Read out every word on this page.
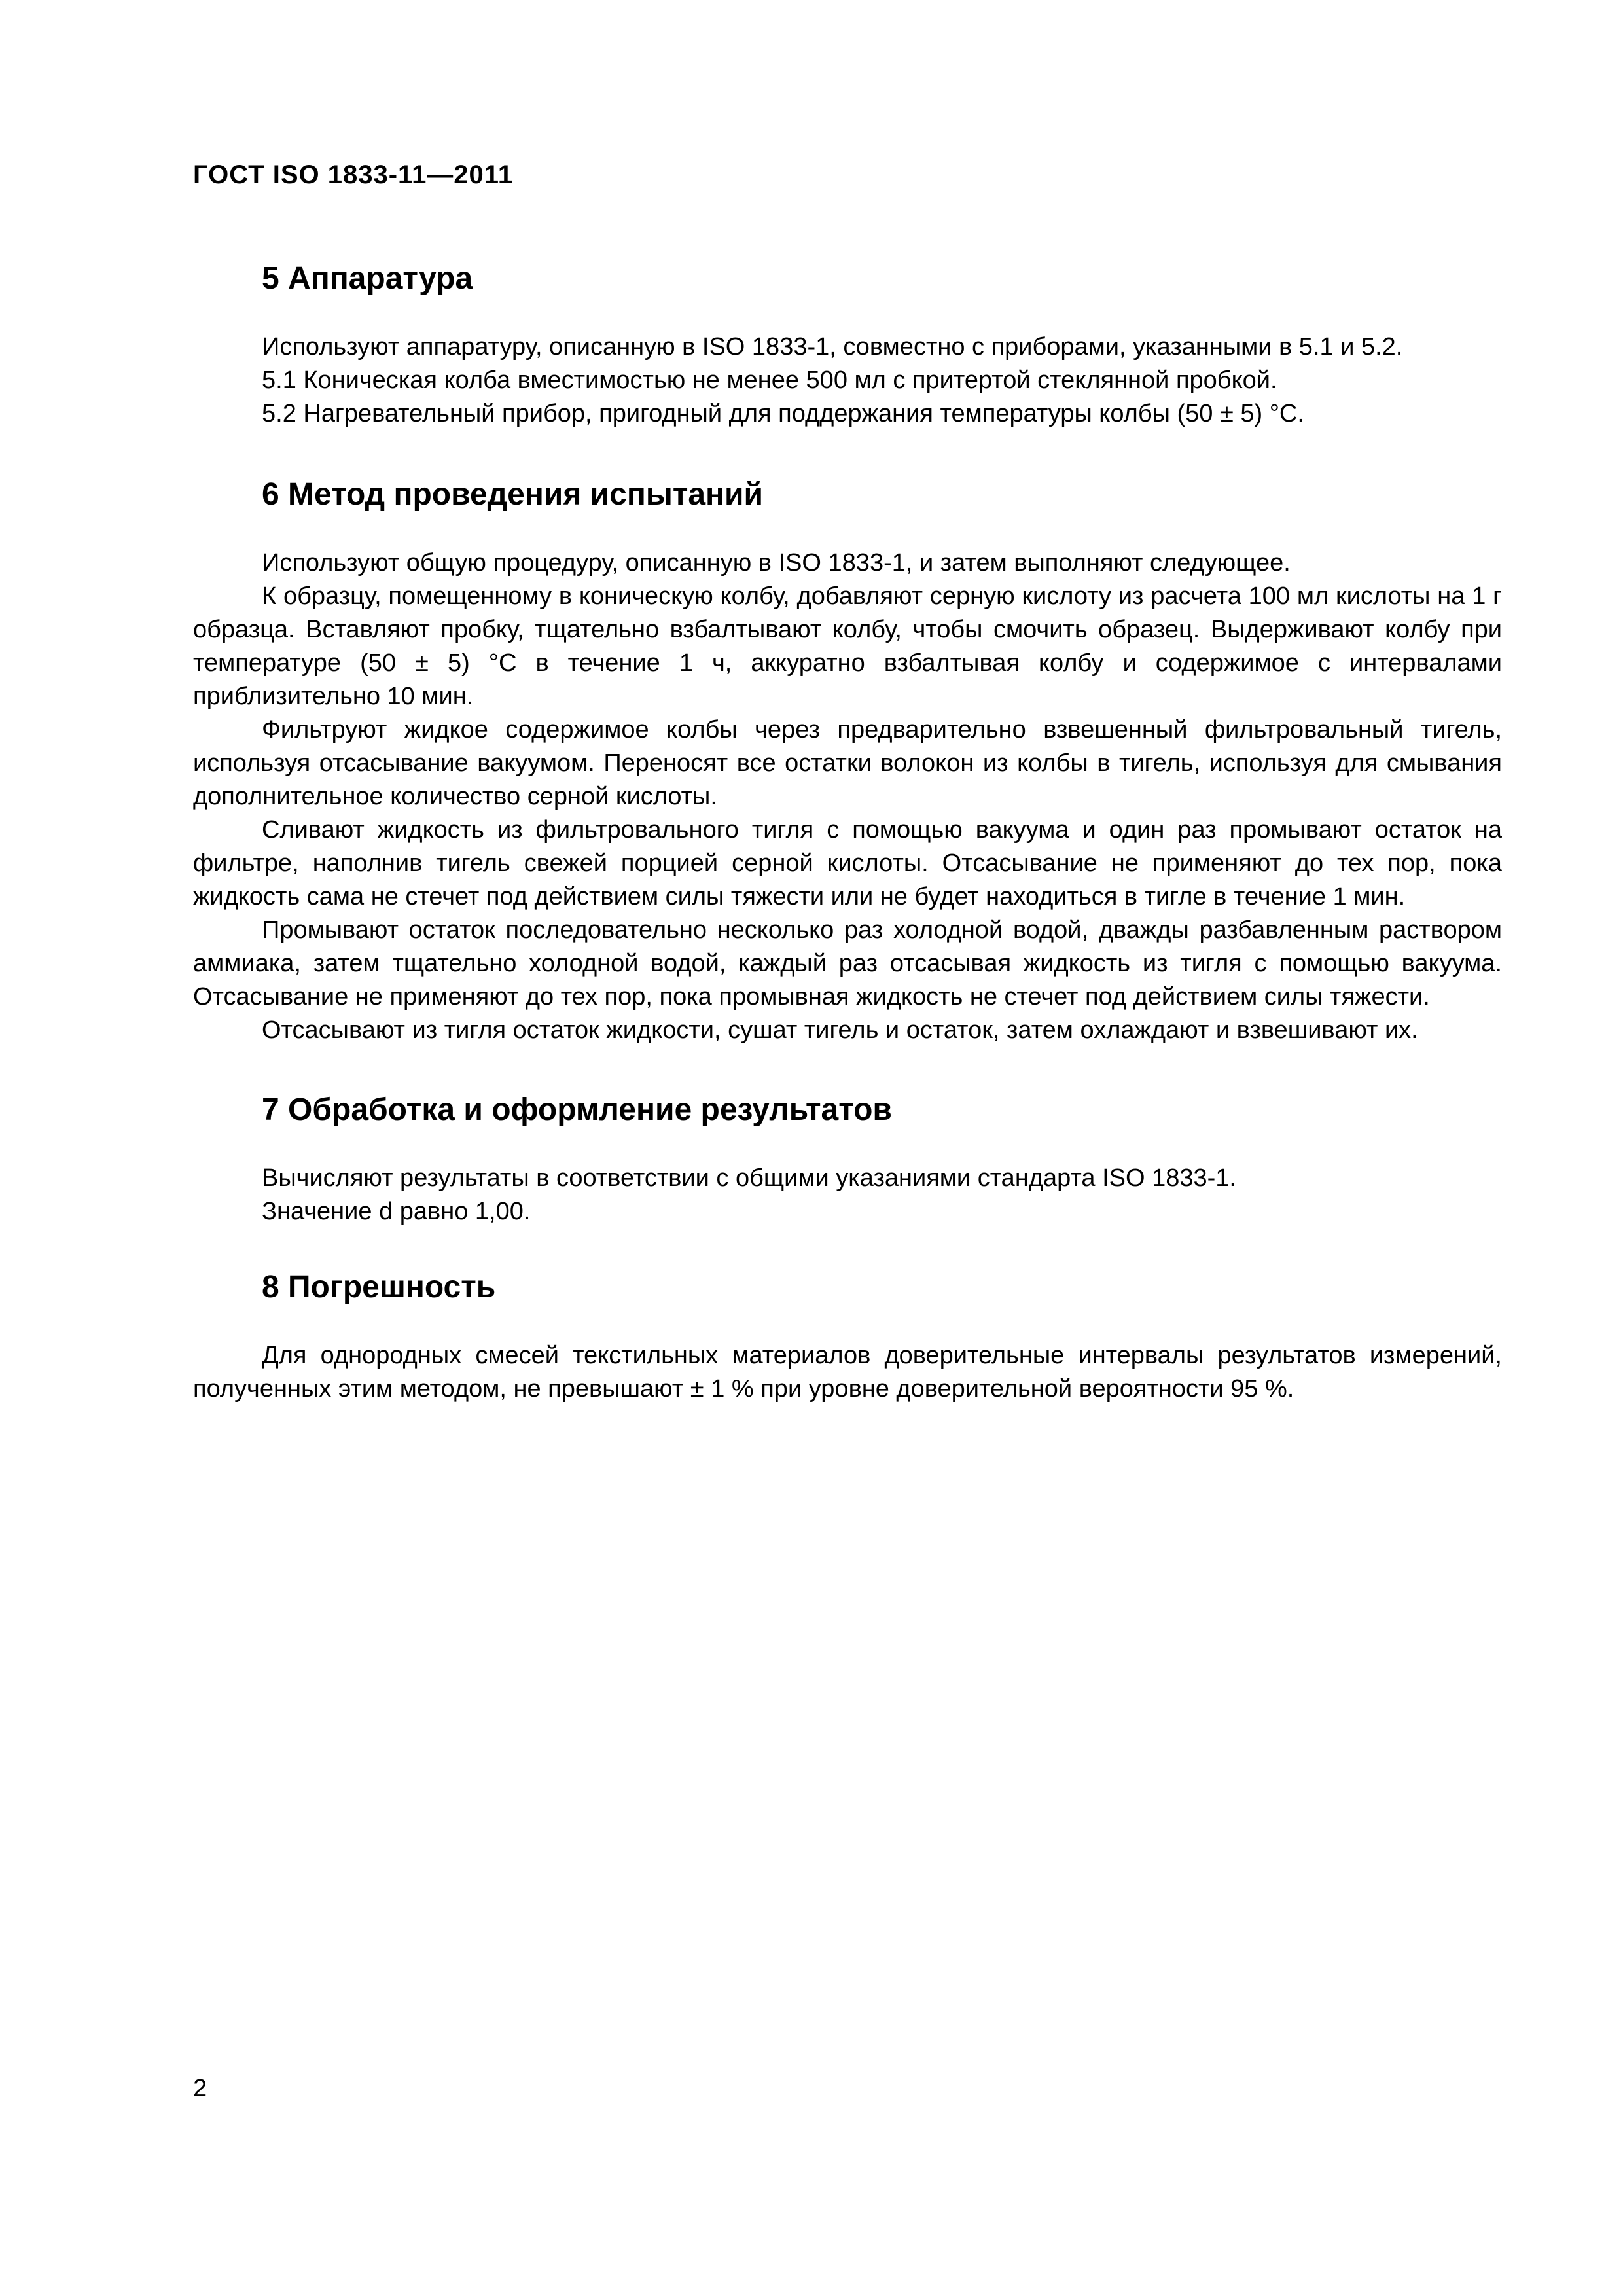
ГОСТ ISO 1833-11—2011
5 Аппаратура

Используют аппаратуру, описанную в ISO 1833-1, совместно с приборами, указанными в 5.1 и 5.2.

5.1 Коническая колба вместимостью не менее 500 мл с притертой стеклянной пробкой.

5.2 Нагревательный прибор, пригодный для поддержания температуры колбы (50 ± 5) °С.

6 Метод проведения испытаний

Используют общую процедуру, описанную в ISO 1833-1, и затем выполняют следующее.

К образцу, помещенному в коническую колбу, добавляют серную кислоту из расчета 100 мл кислоты на 1 г образца. Вставляют пробку, тщательно взбалтывают колбу, чтобы смочить образец. Выдерживают колбу при температуре (50 ± 5) °С в течение 1 ч, аккуратно взбалтывая колбу и содержимое с интервалами приблизительно 10 мин.

Фильтруют жидкое содержимое колбы через предварительно взвешенный фильтровальный тигель, используя отсасывание вакуумом. Переносят все остатки волокон из колбы в тигель, используя для смывания дополнительное количество серной кислоты.

Сливают жидкость из фильтровального тигля с помощью вакуума и один раз промывают остаток на фильтре, наполнив тигель свежей порцией серной кислоты. Отсасывание не применяют до тех пор, пока жидкость сама не стечет под действием силы тяжести или не будет находиться в тигле в течение 1 мин.

Промывают остаток последовательно несколько раз холодной водой, дважды разбавленным раствором аммиака, затем тщательно холодной водой, каждый раз отсасывая жидкость из тигля с помощью вакуума. Отсасывание не применяют до тех пор, пока промывная жидкость не стечет под действием силы тяжести.

Отсасывают из тигля остаток жидкости, сушат тигель и остаток, затем охлаждают и взвешивают их.

7 Обработка и оформление результатов

Вычисляют результаты в соответствии с общими указаниями стандарта ISO 1833-1.

Значение d равно 1,00.

8 Погрешность

Для однородных смесей текстильных материалов доверительные интервалы результатов измерений, полученных этим методом, не превышают ± 1 % при уровне доверительной вероятности 95 %.

2
